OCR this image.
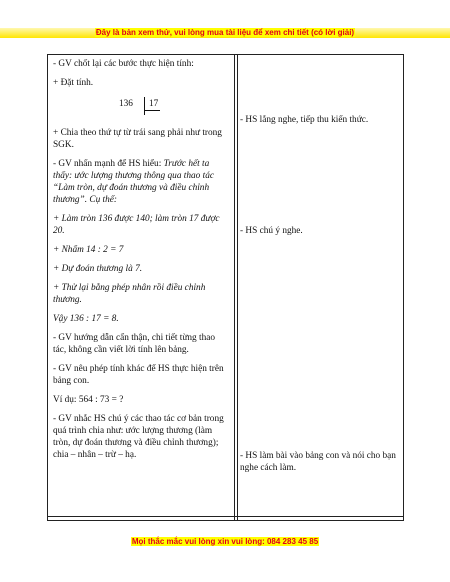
Đây là bản xem thử, vui lòng mua tài liệu để xem chi tiết (có lời giải)

- GV chốt lại các bước thực hiện tính:

+ Đặt tính.

136 17

+ Chia theo thứ tự từ trái sang phải như trong SGK.

- GV nhấn mạnh để HS hiểu: Trước hết ta thấy: ước lượng thương thông qua thao tác “Làm tròn, dự đoán thương và điều chỉnh thương”. Cụ thể:

+ Làm tròn 136 được 140; làm tròn 17 được 20.

+ Nhẩm 14 : 2 = 7

+ Dự đoán thương là 7.

+ Thử lại bằng phép nhân rồi điều chỉnh thương.

Vậy 136 : 17 = 8.

- GV hướng dẫn cẩn thận, chi tiết từng thao tác, không cần viết lời tính lên bảng.

- GV nêu phép tính khác để HS thực hiện trên bảng con.

Ví dụ: 564 : 73 = ?

- GV nhắc HS chú ý các thao tác cơ bản trong quá trình chia như: ước lượng thương (làm tròn, dự đoán thương và điều chỉnh thương); chia – nhân – trừ – hạ.

- HS lắng nghe, tiếp thu kiến thức.
- HS chú ý nghe.
- HS làm bài vào bảng con và nói cho bạn nghe cách làm.
Mọi thắc mắc vui lòng xin vui lòng: 084 283 45 85
